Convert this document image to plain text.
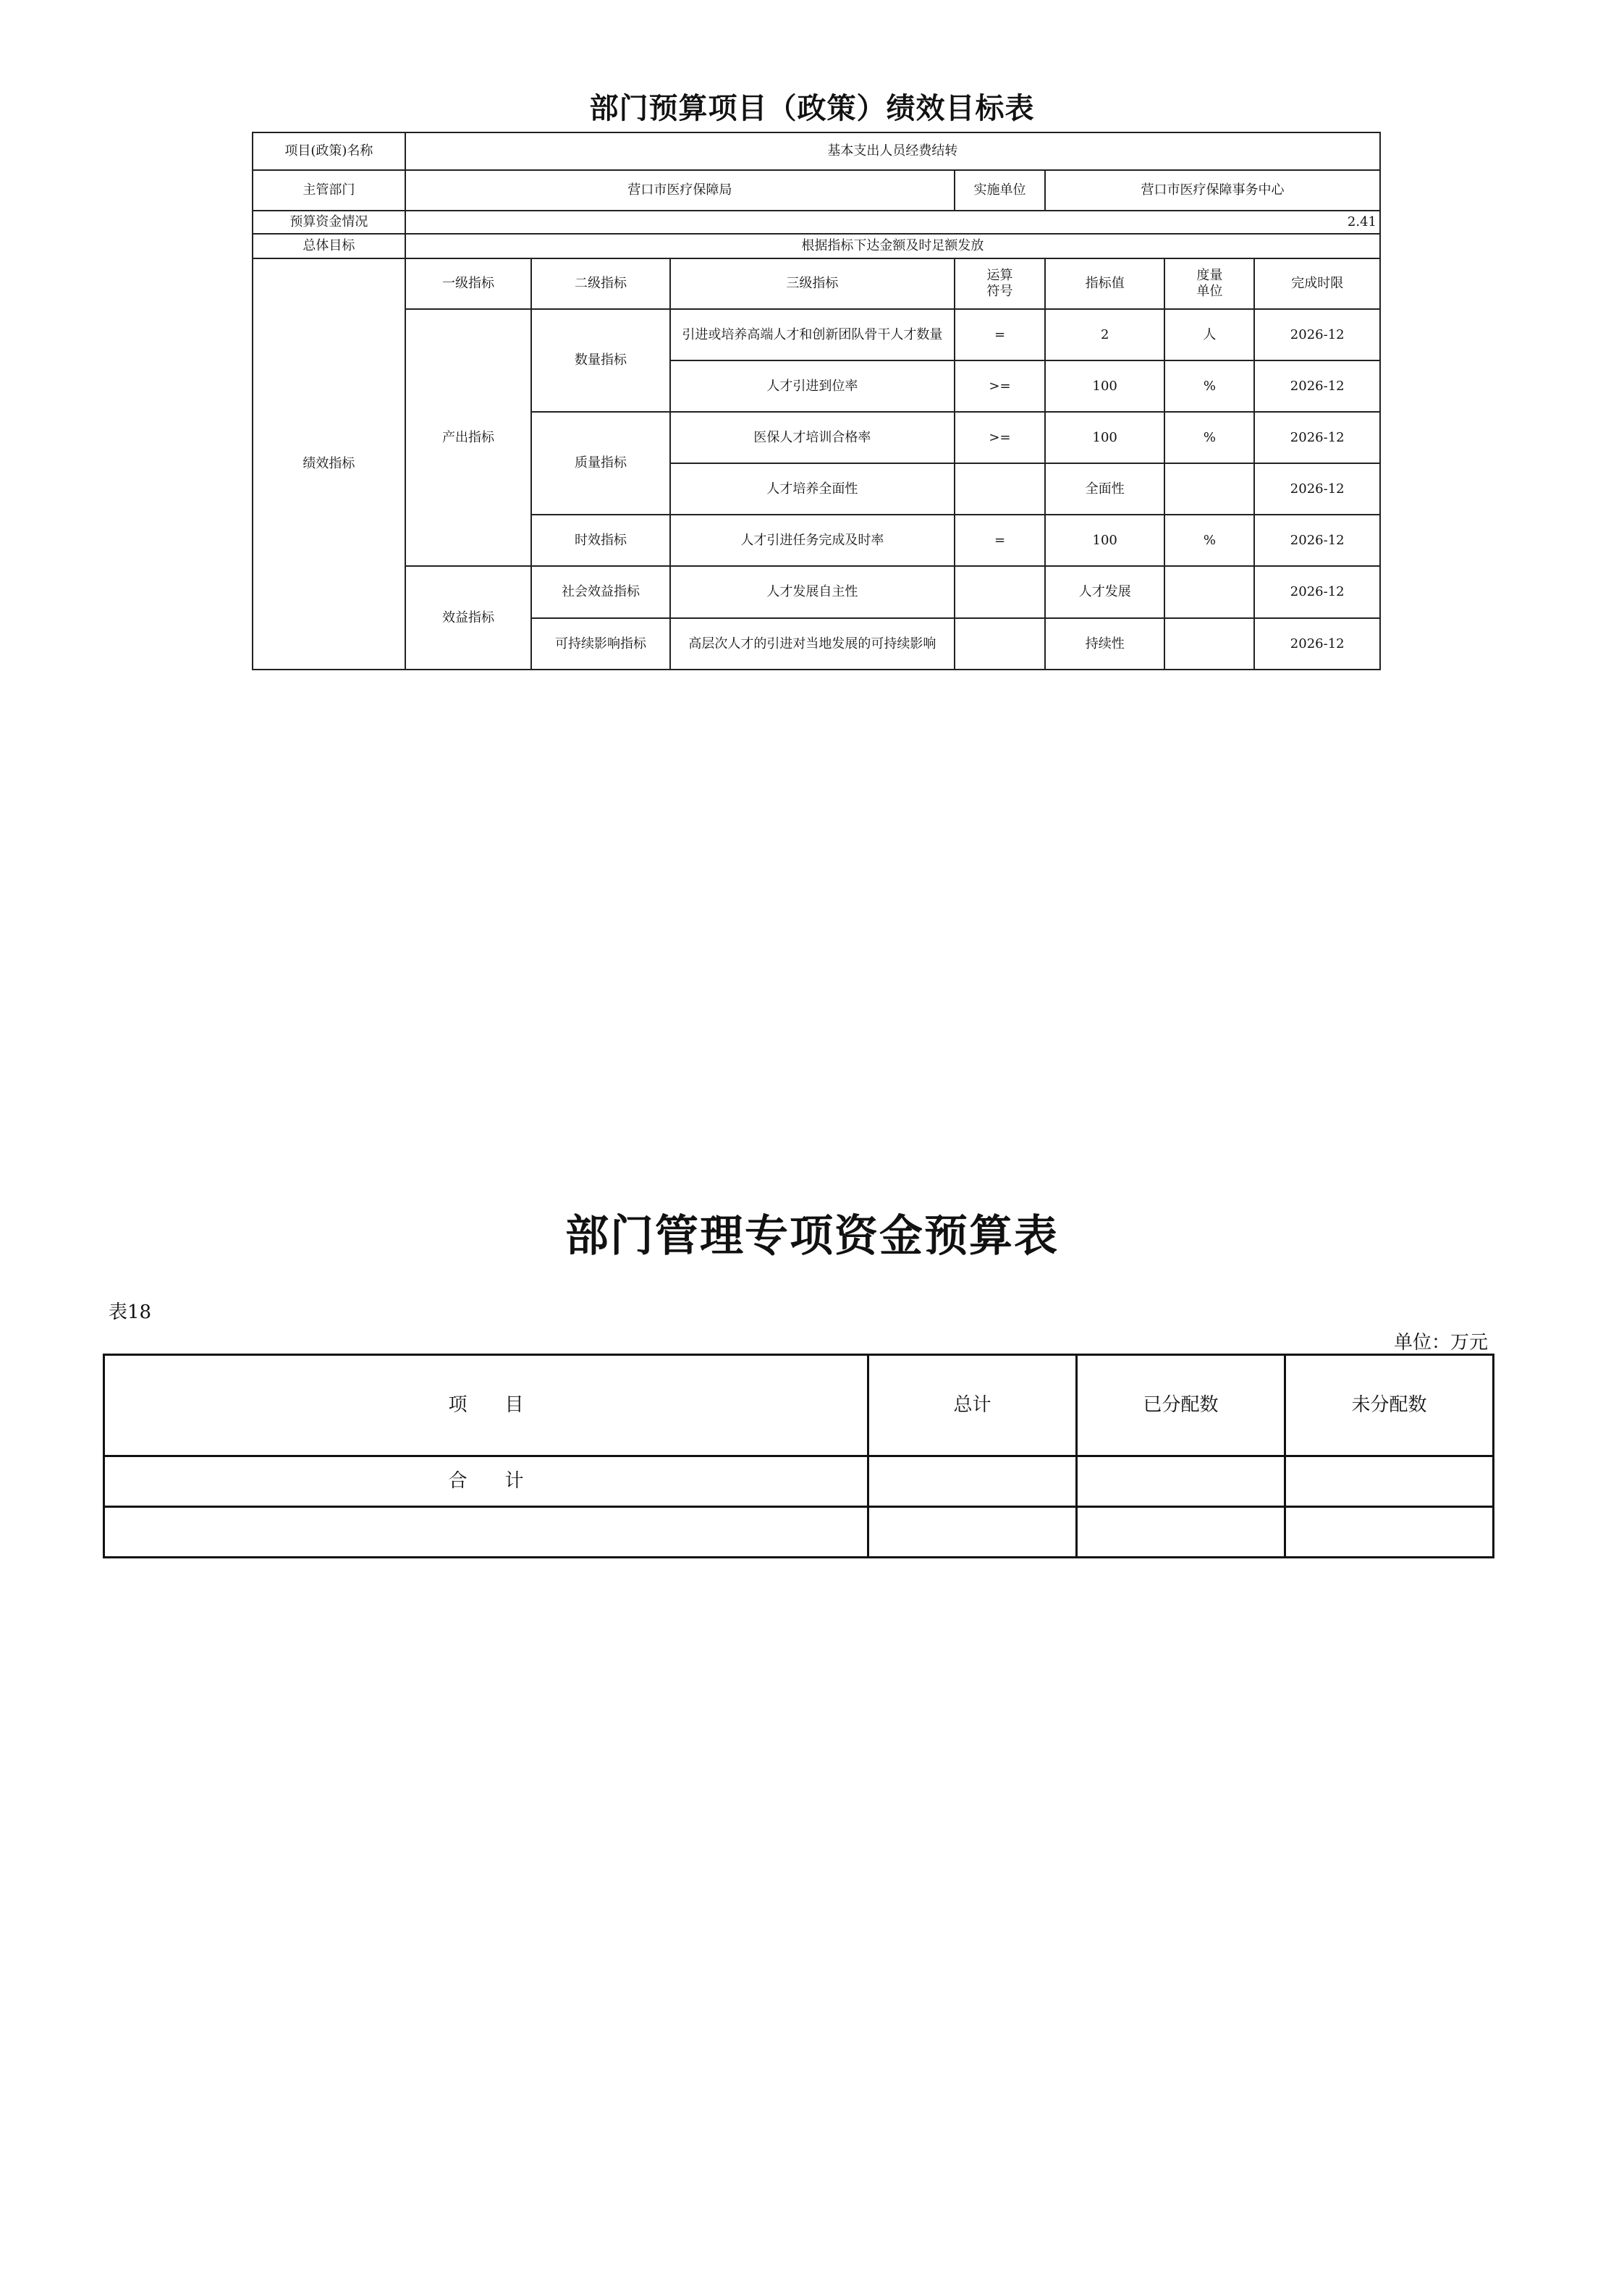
部门预算项目（政策）绩效目标表
项目(政策)名称	基本支出人员经费结转						
主管部门	营口市医疗保障局			实施单位	营口市医疗保障事务中心		
预算资金情况	2.41						
总体目标	根据指标下达金额及时足额发放						
绩效指标	一级指标	二级指标	三级指标	运算符号	指标值	度量单位	完成时限
	产出指标	数量指标	引进或培养高端人才和创新团队骨干人才数量	=	2	人	2026-12
			人才引进到位率	>=	100	%	2026-12
		质量指标	医保人才培训合格率	>=	100	%	2026-12
			人才培养全面性		全面性		2026-12
		时效指标	人才引进任务完成及时率	=	100	%	2026-12
	效益指标	社会效益指标	人才发展自主性		人才发展		2026-12
		可持续影响指标	高层次人才的引进对当地发展的可持续影响		持续性		2026-12
部门管理专项资金预算表
表18
单位：万元
项　　目	总计	已分配数	未分配数
合　　计			
